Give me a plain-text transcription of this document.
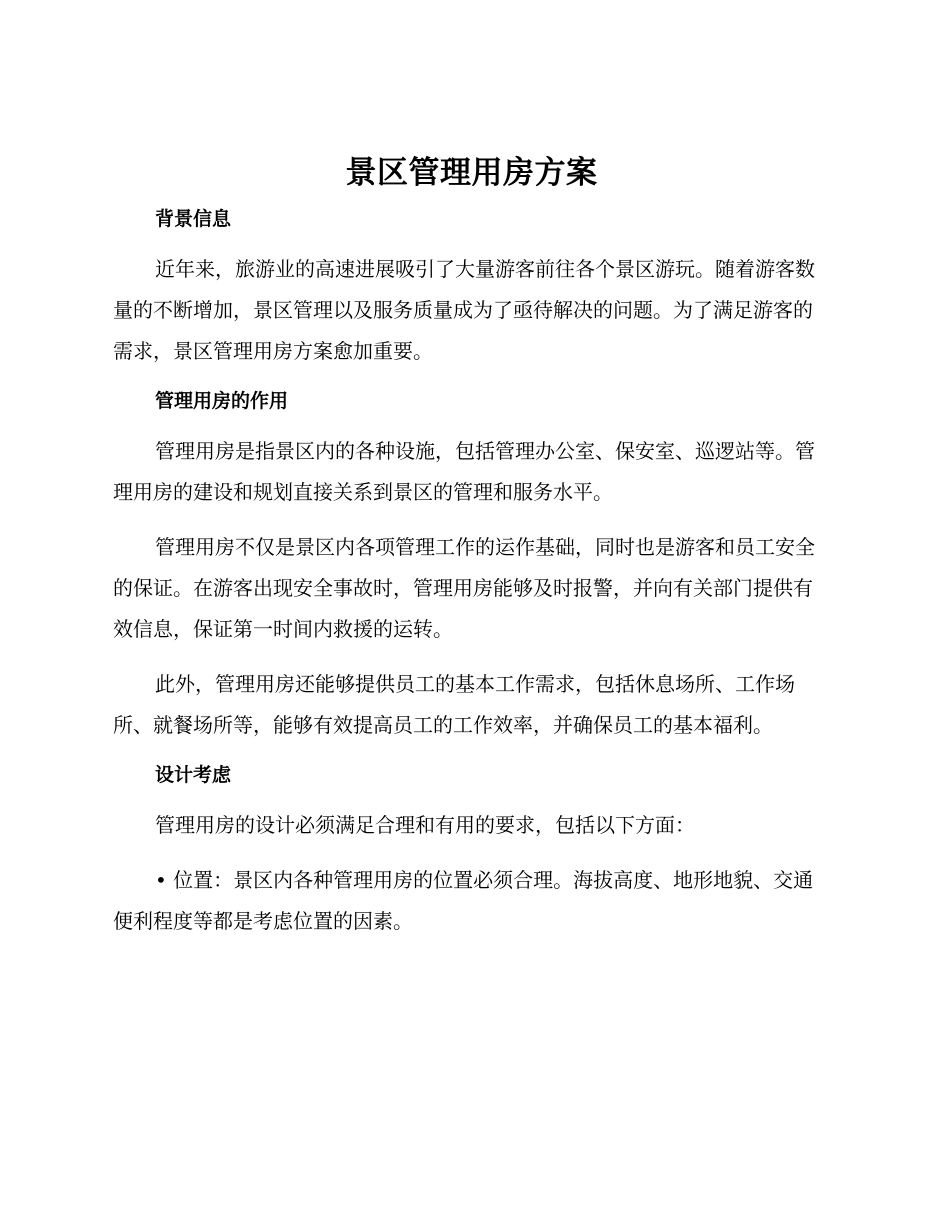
景区管理用房方案
背景信息

近年来，旅游业的高速进展吸引了大量游客前往各个景区游玩。随着游客数量的不断增加，景区管理以及服务质量成为了亟待解决的问题。为了满足游客的需求，景区管理用房方案愈加重要。

管理用房的作用

管理用房是指景区内的各种设施，包括管理办公室、保安室、巡逻站等。管理用房的建设和规划直接关系到景区的管理和服务水平。

管理用房不仅是景区内各项管理工作的运作基础，同时也是游客和员工安全的保证。在游客出现安全事故时，管理用房能够及时报警，并向有关部门提供有效信息，保证第一时间内救援的运转。

此外，管理用房还能够提供员工的基本工作需求，包括休息场所、工作场所、就餐场所等，能够有效提高员工的工作效率，并确保员工的基本福利。

设计考虑

管理用房的设计必须满足合理和有用的要求，包括以下方面：

• 位置：景区内各种管理用房的位置必须合理。海拔高度、地形地貌、交通便利程度等都是考虑位置的因素。
